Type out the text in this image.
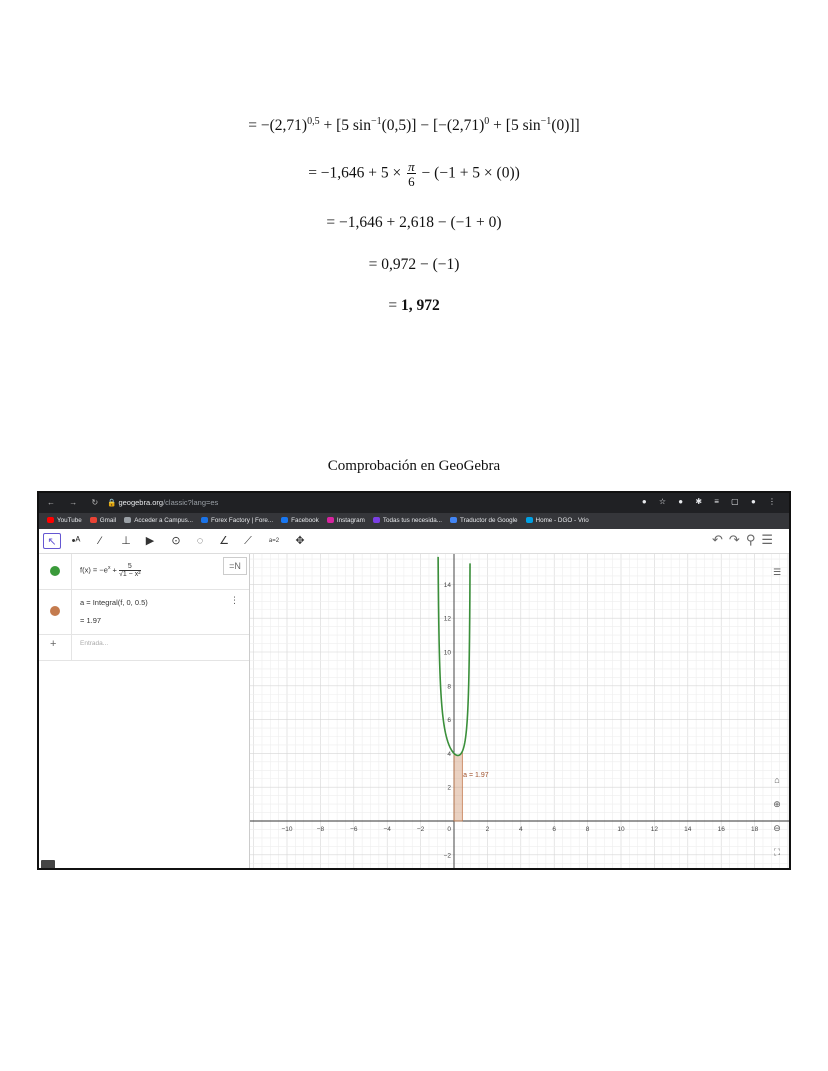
= $-(2,71)^{0,5} + [5$ $\sin^{-1}(0,5)] - [-(2,71)^0 + [5$ $\sin^{-1}(0)$]]
= $-1,646 + 5 \times \frac{\pi}{6} - (-1 + 5 \times (0))$
= −1,646 + 2,618 − (−1 + 0)
= 0,972 − (−1)
= 1, 972
Comprobación en GeoGebra
← → ↻ 🔒 geogebra.org/classic?lang=es	● ☆ ● ✱ ≡ ▢ ● ⋮
YouTube	Gmail	Acceder a Campus...	Forex Factory | Fore...	Facebook	Instagram	Todas tus necesida...	Traductor de Google	Home - DGO - Vrio
↖	•ᴬ	⁄	⊥	▶	⊙	◌	∠	⟋	a=2	✥	↶↷⚲☰
$f(x) = -e^x + \frac{5}{\text{√1 − x²}}$	=N
a = Integral(f, 0, 0.5)
= 1.97
⋮
+	Entrada...
−10	−8	−6	−4	−2	2	4	6	8	10	12	14	16	18
−2
2
4
6
8
10
12
14
0
a = 1.97
☰
⌂
⊕
⊖
⛶
